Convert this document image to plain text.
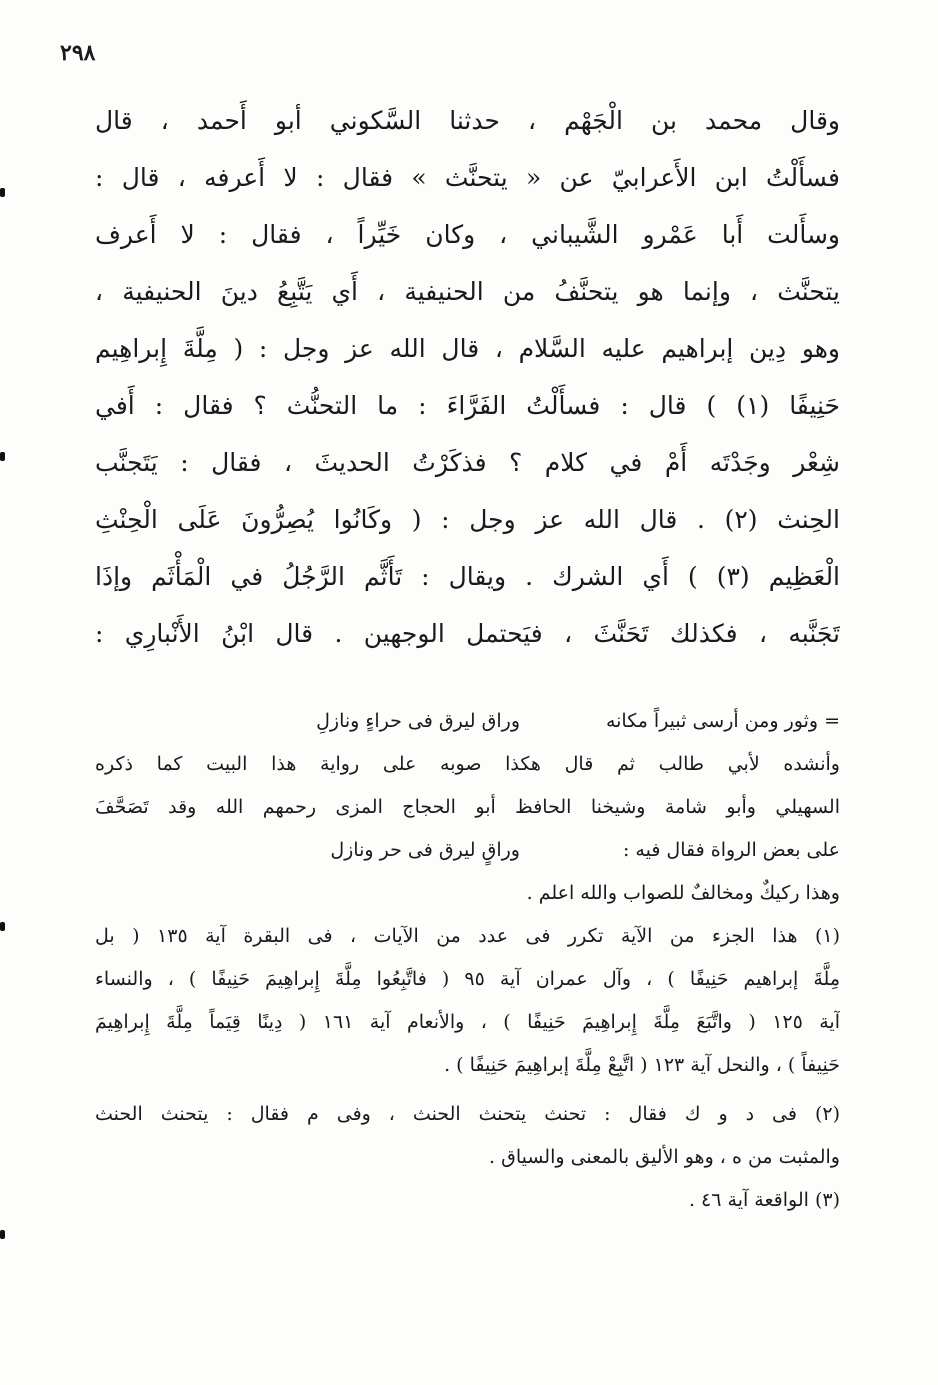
٢٩٨
وقال محمد بن الْجَهْم ، حدثنا السَّكوني أبو أَحمد ، قال
فسأَلْتُ ابن الأَعرابيّ عن « يتحنَّث » فقال : لا أَعرفه ، قال :
وسأَلت أَبا عَمْرو الشَّيباني ، وكان خَيِّراً ، فقال : لا أَعرف
يتحنَّث ، وإنما هو يتحنَّفُ من الحنيفية ، أَي يَتَّبِعُ دينَ الحنيفية ،
وهو دِين إبراهيم عليه السَّلام ، قال الله عز وجل : ( مِلَّةَ إِبراهِيم
حَنِيفًا (١) ) قال : فسأَلْتُ الفَرَّاءَ : ما التحنُّث ؟ فقال : أَفي
شِعْر وجَدْتَه أَمْ في كلام ؟ فذكَرْتُ الحديثَ ، فقال : يَتَجنَّب
الحِنث (٢) . قال الله عز وجل : ( وكَانُوا يُصِرُّونَ عَلَى الْحِنْثِ
الْعَظِيم (٣) ) أَي الشرك . ويقال : تَأَثَّم الرَّجُلُ في الْمَأْثَم وإذَا
تَجَنَّبه ، فكذلك تَحَنَّثَ ، فيَحتمل الوجهين . قال ابْنُ الأَنْبارِي :
= وثور ومن أرسى ثبيراً مكانهوراق ليرق فى حراءٍ ونازلِ
وأنشده لأبي طالب ثم قال هكذا صوبه على رواية هذا البيت كما ذكره
السهيلي وأبو شامة وشيخنا الحافظ أبو الحجاج المزى رحمهم الله وقد تَصَحَّفَ
على بعض الرواة فقال فيه :وراقٍ ليرق فى حر ونازل
وهذا ركيكٌ ومخالفٌ للصواب والله اعلم .
(١) هذا الجزء من الآية تكرر فى عدد من الآيات ، فى البقرة آية ١٣٥ ( بل
مِلَّةَ إبراهيم حَنِيفًا ) ، وآل عمران آية ٩٥ ( فاتَّبِعُوا مِلَّةَ إِبراهِيمَ حَنِيفًا ) ، والنساء
آية ١٢٥ ( واتَّبَعَ مِلَّةَ إِبراهِيمَ حَنِيفًا ) ، والأنعام آية ١٦١ ( دِينًا قِيَماً مِلَّةَ إِبراهِيمَ
حَنِيفاً ) ، والنحل آية ١٢٣ ( اتَّبِعْ مِلَّةَ إبراهِيمَ حَنِيفًا ) .
(٢) فى د و ك فقال : تحنث يتحنث الحنث ، وفى م فقال : يتحنث الحنث
والمثبت من ه ، وهو الأليق بالمعنى والسياق .
(٣) الواقعة آية ٤٦ .
